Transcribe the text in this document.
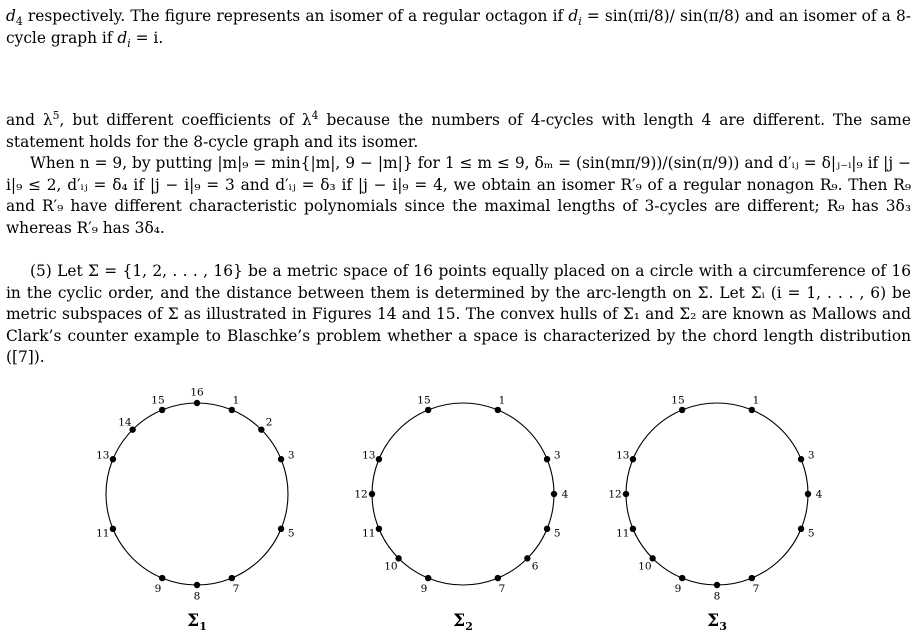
$d_4$ respectively. The figure represents an isomer of a regular octagon if $d_i = \sin(\pi i/8)/$ sin(π/8) and an isomer of a 8-cycle graph if $d_i = i$.

and $\lambda^5$, but different coefficients of $\lambda^4$ because the numbers of 4-cycles with length 4 are different. The same statement holds for the 8-cycle graph and its isomer.

When n = 9, by putting |m|₉ = min{|m|, 9 − |m|} for 1 ≤ m ≤ 9, δₘ = (sin(mπ/9))/(sin(π/9)) and d′ᵢⱼ = δ|ⱼ₋ᵢ|₉ if |j − i|₉ ≤ 2, d′ᵢⱼ = δ₄ if |j − i|₉ = 3 and d′ᵢⱼ = δ₃ if |j − i|₉ = 4, we obtain an isomer R′₉ of a regular nonagon R₉. Then R₉ and R′₉ have different characteristic polynomials since the maximal lengths of 3-cycles are different; R₉ has 3δ₃ whereas R′₉ has 3δ₄.

(5) Let Σ = {1, 2, . . . , 16} be a metric space of 16 points equally placed on a circle with a circumference of 16 in the cyclic order, and the distance between them is determined by the arc-length on Σ. Let Σᵢ (i = 1, . . . , 6) be metric subspaces of Σ as illustrated in Figures 14 and 15. The convex hulls of Σ₁ and Σ₂ are known as Mallows and Clark’s counter example to Blaschke’s problem whether a space is characterized by the chord length distribution ([7]).

16
1
2
3
5
7
8
9
11
13
14
15
$\Sigma_1$
1
3
4
5
6
7
9
10
11
12
13
15
$\Sigma_2$
1
3
4
5
7
8
9
10
11
12
13
15
$\Sigma_3$
